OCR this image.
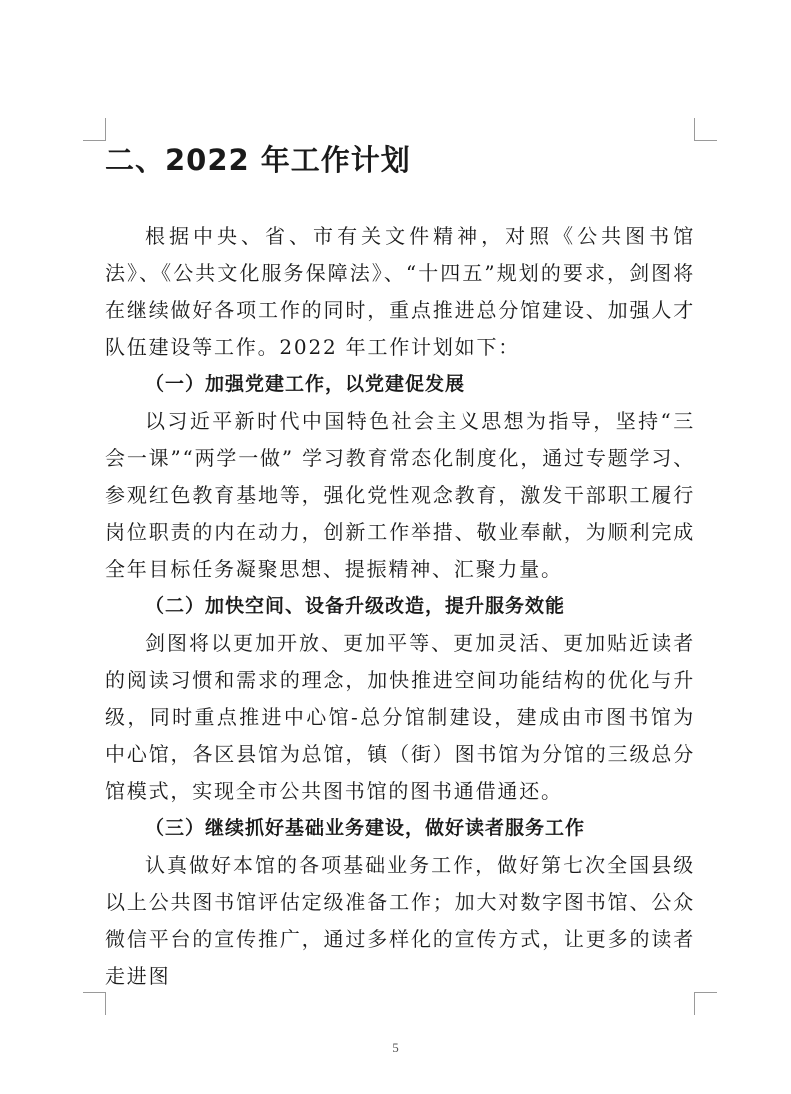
二、2022 年工作计划

根据中央、省、市有关文件精神，对照《公共图书馆法》、《公共文化服务保障法》、“十四五”规划的要求，剑图将在继续做好各项工作的同时，重点推进总分馆建设、加强人才队伍建设等工作。2022 年工作计划如下：

（一）加强党建工作，以党建促发展

以习近平新时代中国特色社会主义思想为指导，坚持“三会一课”“两学一做” 学习教育常态化制度化，通过专题学习、参观红色教育基地等，强化党性观念教育，激发干部职工履行岗位职责的内在动力，创新工作举措、敬业奉献，为顺利完成全年目标任务凝聚思想、提振精神、汇聚力量。

（二）加快空间、设备升级改造，提升服务效能

剑图将以更加开放、更加平等、更加灵活、更加贴近读者的阅读习惯和需求的理念，加快推进空间功能结构的优化与升级，同时重点推进中心馆-总分馆制建设，建成由市图书馆为中心馆，各区县馆为总馆，镇（街）图书馆为分馆的三级总分馆模式，实现全市公共图书馆的图书通借通还。

（三）继续抓好基础业务建设，做好读者服务工作

认真做好本馆的各项基础业务工作，做好第七次全国县级以上公共图书馆评估定级准备工作；加大对数字图书馆、公众微信平台的宣传推广，通过多样化的宣传方式，让更多的读者走进图

5
